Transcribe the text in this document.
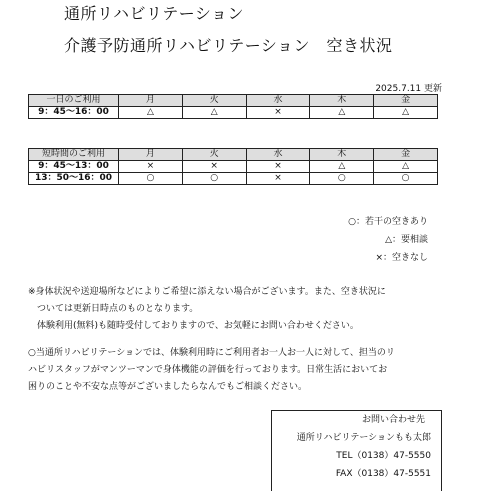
通所リハビリテーション
介護予防通所リハビリテーション　空き状況
2025.7.11 更新
一日のご利用	月	火	水	木	金
9：45〜16：00	△	△	×	△	△
短時間のご利用	月	火	水	木	金
9：45〜13：00	×	×	×	△	△
13：50〜16：00	○	○	×	○	○
○：若干の空きあり
△：要相談
×：空きなし
※身体状況や送迎場所などによりご希望に添えない場合がございます。また、空き状況に
　ついては更新日時点のものとなります。
　体験利用(無料)も随時受付しておりますので、お気軽にお問い合わせください。
○当通所リハビリテーションでは、体験利用時にご利用者お一人お一人に対して、担当のリ
ハビリスタッフがマンツーマンで身体機能の評価を行っております。日常生活においてお
困りのことや不安な点等がございましたらなんでもご相談ください。
お問い合わせ先
通所リハビリテーションもも太郎
TEL（0138）47-5550
FAX（0138）47-5551
